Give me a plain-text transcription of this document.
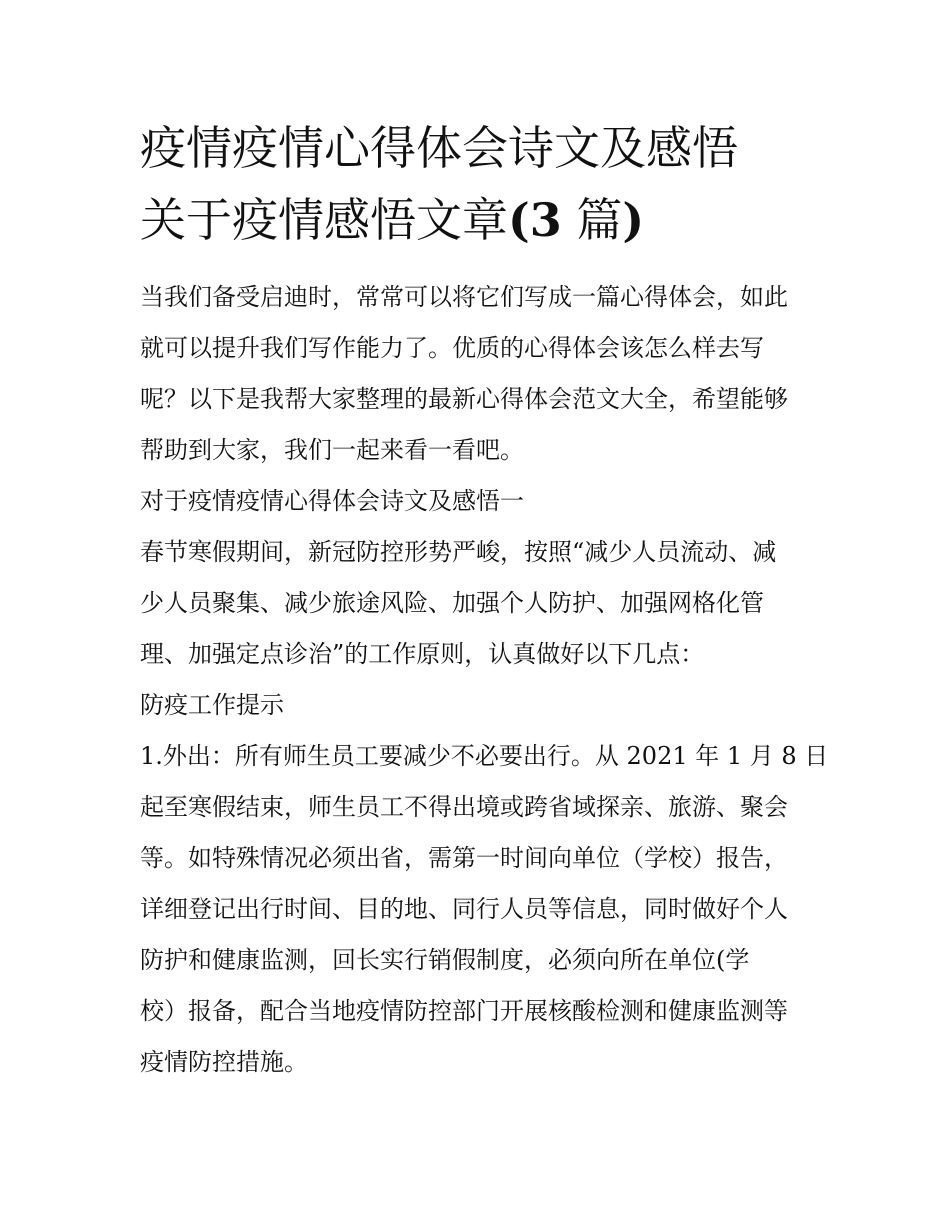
疫情疫情心得体会诗文及感悟
关于疫情感悟文章(3 篇)

当我们备受启迪时，常常可以将它们写成一篇心得体会，如此
就可以提升我们写作能力了。优质的心得体会该怎么样去写
呢？以下是我帮大家整理的最新心得体会范文大全，希望能够
帮助到大家，我们一起来看一看吧。

对于疫情疫情心得体会诗文及感悟一

春节寒假期间，新冠防控形势严峻，按照“减少人员流动、减
少人员聚集、减少旅途风险、加强个人防护、加强网格化管
理、加强定点诊治”的工作原则，认真做好以下几点：

防疫工作提示

1.外出：所有师生员工要减少不必要出行。从 2021 年 1 月 8 日
起至寒假结束，师生员工不得出境或跨省域探亲、旅游、聚会
等。如特殊情况必须出省，需第一时间向单位（学校）报告，
详细登记出行时间、目的地、同行人员等信息，同时做好个人
防护和健康监测，回长实行销假制度，必须向所在单位(学
校）报备，配合当地疫情防控部门开展核酸检测和健康监测等
疫情防控措施。
